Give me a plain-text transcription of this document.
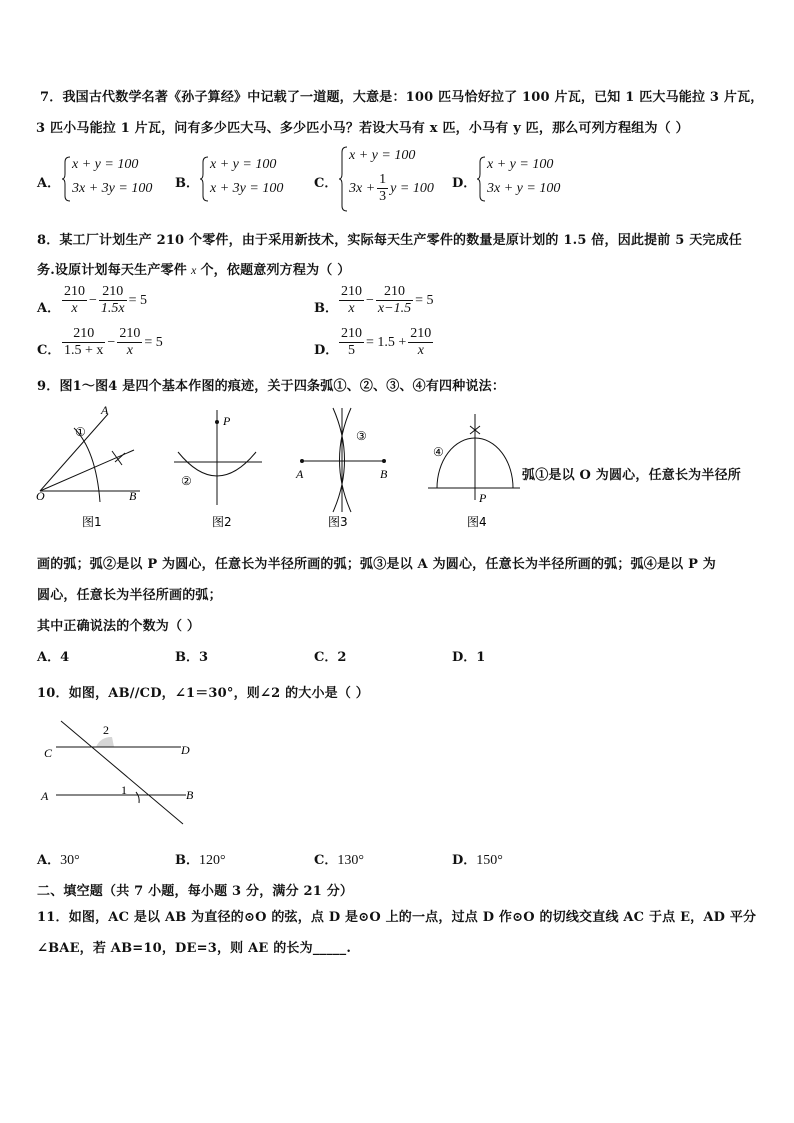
7．我国古代数学名著《孙子算经》中记载了一道题，大意是：100 匹马恰好拉了 100 片瓦，已知 1 匹大马能拉 3 片瓦，
3 匹小马能拉 1 片瓦，问有多少匹大马、多少匹小马？若设大马有 x 匹，小马有 y 匹，那么可列方程组为（ ）
A．
x + y = 100
3x + 3y = 100 B．
x + y = 100
x + 3y = 100 C．
x + y = 100
$3x + \frac{1}{3}$ y = 100 D．
x + y = 100
3x + y = 100
8．某工厂计划生产 210 个零件，由于采用新技术，实际每天生产零件的数量是原计划的 1.5 倍，因此提前 5 天完成任
务.设原计划每天生产零件 x 个，依题意列方程为（ ）
A． $\frac{210}{x} - \frac{210}{1.5x} = 5$
B． $\frac{210}{x} - \frac{210}{x-1.5} = 5$
C． $\frac{210}{1.5 + x} - \frac{210}{x} = 5$
D． $\frac{210}{5} = 1.5 + \frac{210}{x}$
9．图1～图4 是四个基本作图的痕迹，关于四条弧①、②、③、④有四种说法：
A
①
O	B
图1
P
②
图2
③
A	B
图3
④
P
图4
弧①是以 O 为圆心，任意长为半径所
画的弧；弧②是以 P 为圆心，任意长为半径所画的弧；弧③是以 A 为圆心，任意长为半径所画的弧；弧④是以 P 为
圆心，任意长为半径所画的弧；
其中正确说法的个数为（ ）
A．4	B．3	C．2	D．1
10．如图，AB//CD，∠1＝30°，则∠2 的大小是（ ）
C	D
A	B
1
2
A．30°	B．120°	C．130°	D．150°
二、填空题（共 7 小题，每小题 3 分，满分 21 分）
11．如图，AC 是以 AB 为直径的⊙O 的弦，点 D 是⊙O 上的一点，过点 D 作⊙O 的切线交直线 AC 于点 E，AD 平分
∠BAE，若 AB=10，DE=3，则 AE 的长为_____.
